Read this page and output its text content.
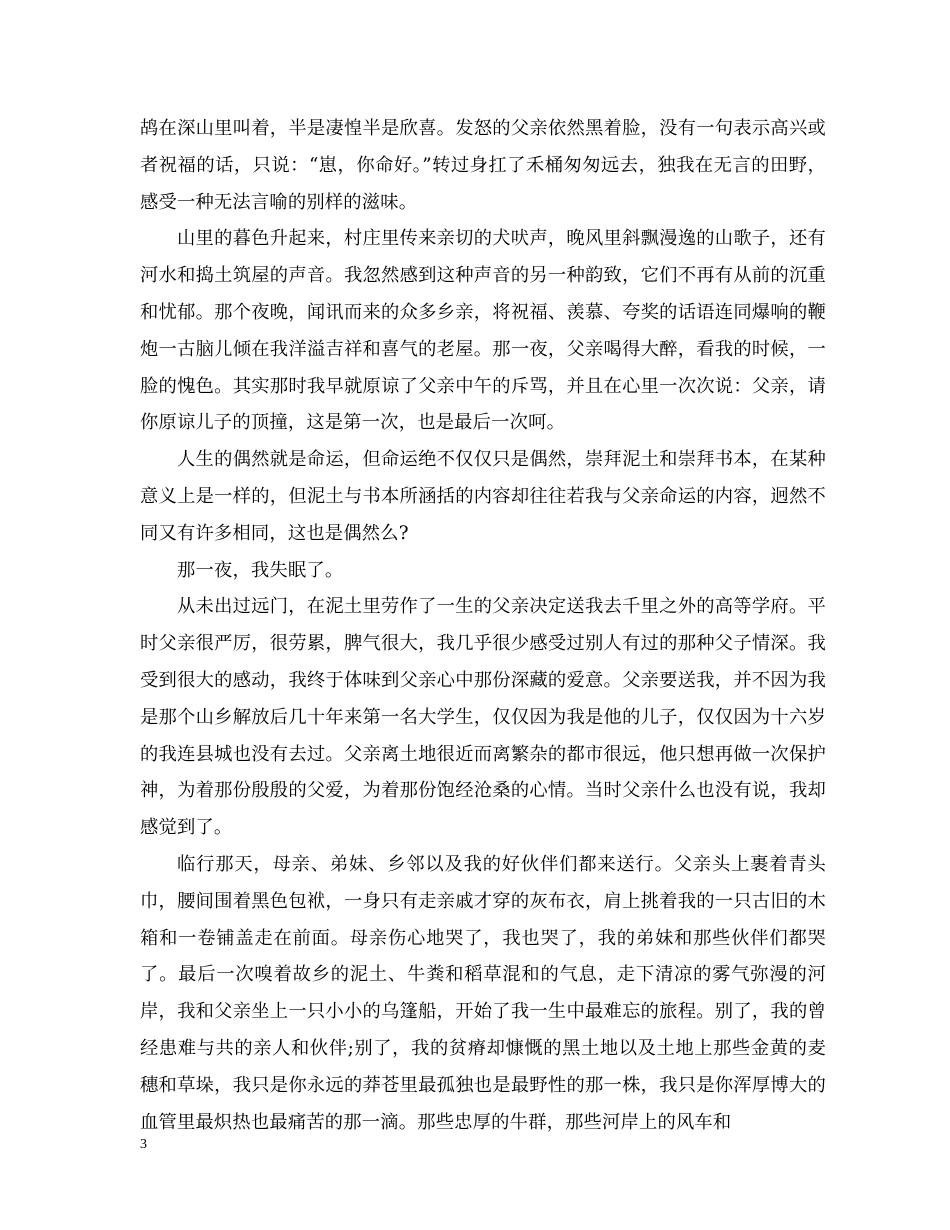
鸪在深山里叫着，半是凄惶半是欣喜。发怒的父亲依然黑着脸，没有一句表示高兴或者祝福的话，只说：“崽，你命好。”转过身扛了禾桶匆匆远去，独我在无言的田野，感受一种无法言喻的别样的滋味。

山里的暮色升起来，村庄里传来亲切的犬吠声，晚风里斜飘漫逸的山歌子，还有河水和捣土筑屋的声音。我忽然感到这种声音的另一种韵致，它们不再有从前的沉重和忧郁。那个夜晚，闻讯而来的众多乡亲，将祝福、羡慕、夸奖的话语连同爆响的鞭炮一古脑儿倾在我洋溢吉祥和喜气的老屋。那一夜，父亲喝得大醉，看我的时候，一脸的愧色。其实那时我早就原谅了父亲中午的斥骂，并且在心里一次次说：父亲，请你原谅儿子的顶撞，这是第一次，也是最后一次呵。

人生的偶然就是命运，但命运绝不仅仅只是偶然，崇拜泥土和崇拜书本，在某种意义上是一样的，但泥土与书本所涵括的内容却往往若我与父亲命运的内容，迥然不同又有许多相同，这也是偶然么?

那一夜，我失眠了。

从未出过远门，在泥土里劳作了一生的父亲决定送我去千里之外的高等学府。平时父亲很严厉，很劳累，脾气很大，我几乎很少感受过别人有过的那种父子情深。我受到很大的感动，我终于体味到父亲心中那份深藏的爱意。父亲要送我，并不因为我是那个山乡解放后几十年来第一名大学生，仅仅因为我是他的儿子，仅仅因为十六岁的我连县城也没有去过。父亲离土地很近而离繁杂的都市很远，他只想再做一次保护神，为着那份殷殷的父爱，为着那份饱经沧桑的心情。当时父亲什么也没有说，我却感觉到了。

临行那天，母亲、弟妹、乡邻以及我的好伙伴们都来送行。父亲头上裹着青头巾，腰间围着黑色包袱，一身只有走亲戚才穿的灰布衣，肩上挑着我的一只古旧的木箱和一卷铺盖走在前面。母亲伤心地哭了，我也哭了，我的弟妹和那些伙伴们都哭了。最后一次嗅着故乡的泥土、牛粪和稻草混和的气息，走下清凉的雾气弥漫的河岸，我和父亲坐上一只小小的乌篷船，开始了我一生中最难忘的旅程。别了，我的曾经患难与共的亲人和伙伴;别了，我的贫瘠却慷慨的黑土地以及土地上那些金黄的麦穗和草垛，我只是你永远的莽苍里最孤独也是最野性的那一株，我只是你浑厚博大的血管里最炽热也最痛苦的那一滴。那些忠厚的牛群，那些河岸上的风车和

3
